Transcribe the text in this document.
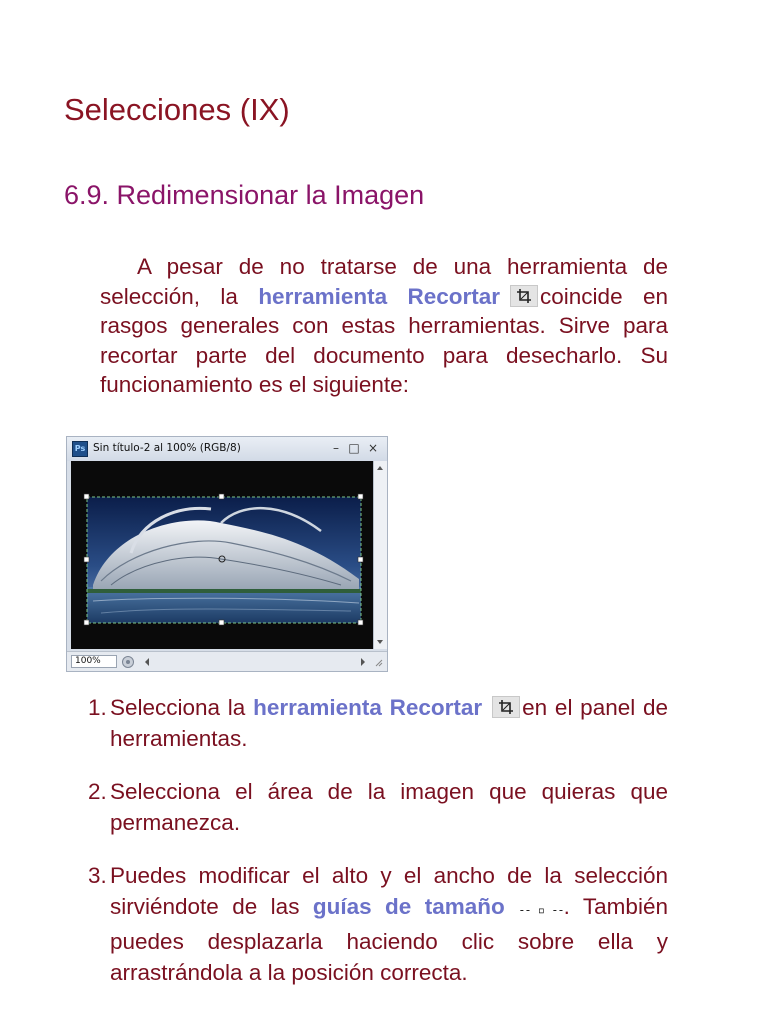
Selecciones (IX)
6.9. Redimensionar la Imagen

A pesar de no tratarse de una herramienta de selección, la herramienta Recortar coincide en rasgos generales con estas herramientas. Sirve para recortar parte del documento para desecharlo. Su funcionamiento es el siguiente:

Ps Sin título-2 al 100% (RGB/8)	– □ ×
100%
1. Selecciona la herramienta Recortar en el panel de herramientas.
2. Selecciona el área de la imagen que quieras que permanezca.
3. Puedes modificar el alto y el ancho de la selección sirviéndote de las guías de tamaño --▫--. También puedes desplazarla haciendo clic sobre ella y arrastrándola a la posición correcta.
